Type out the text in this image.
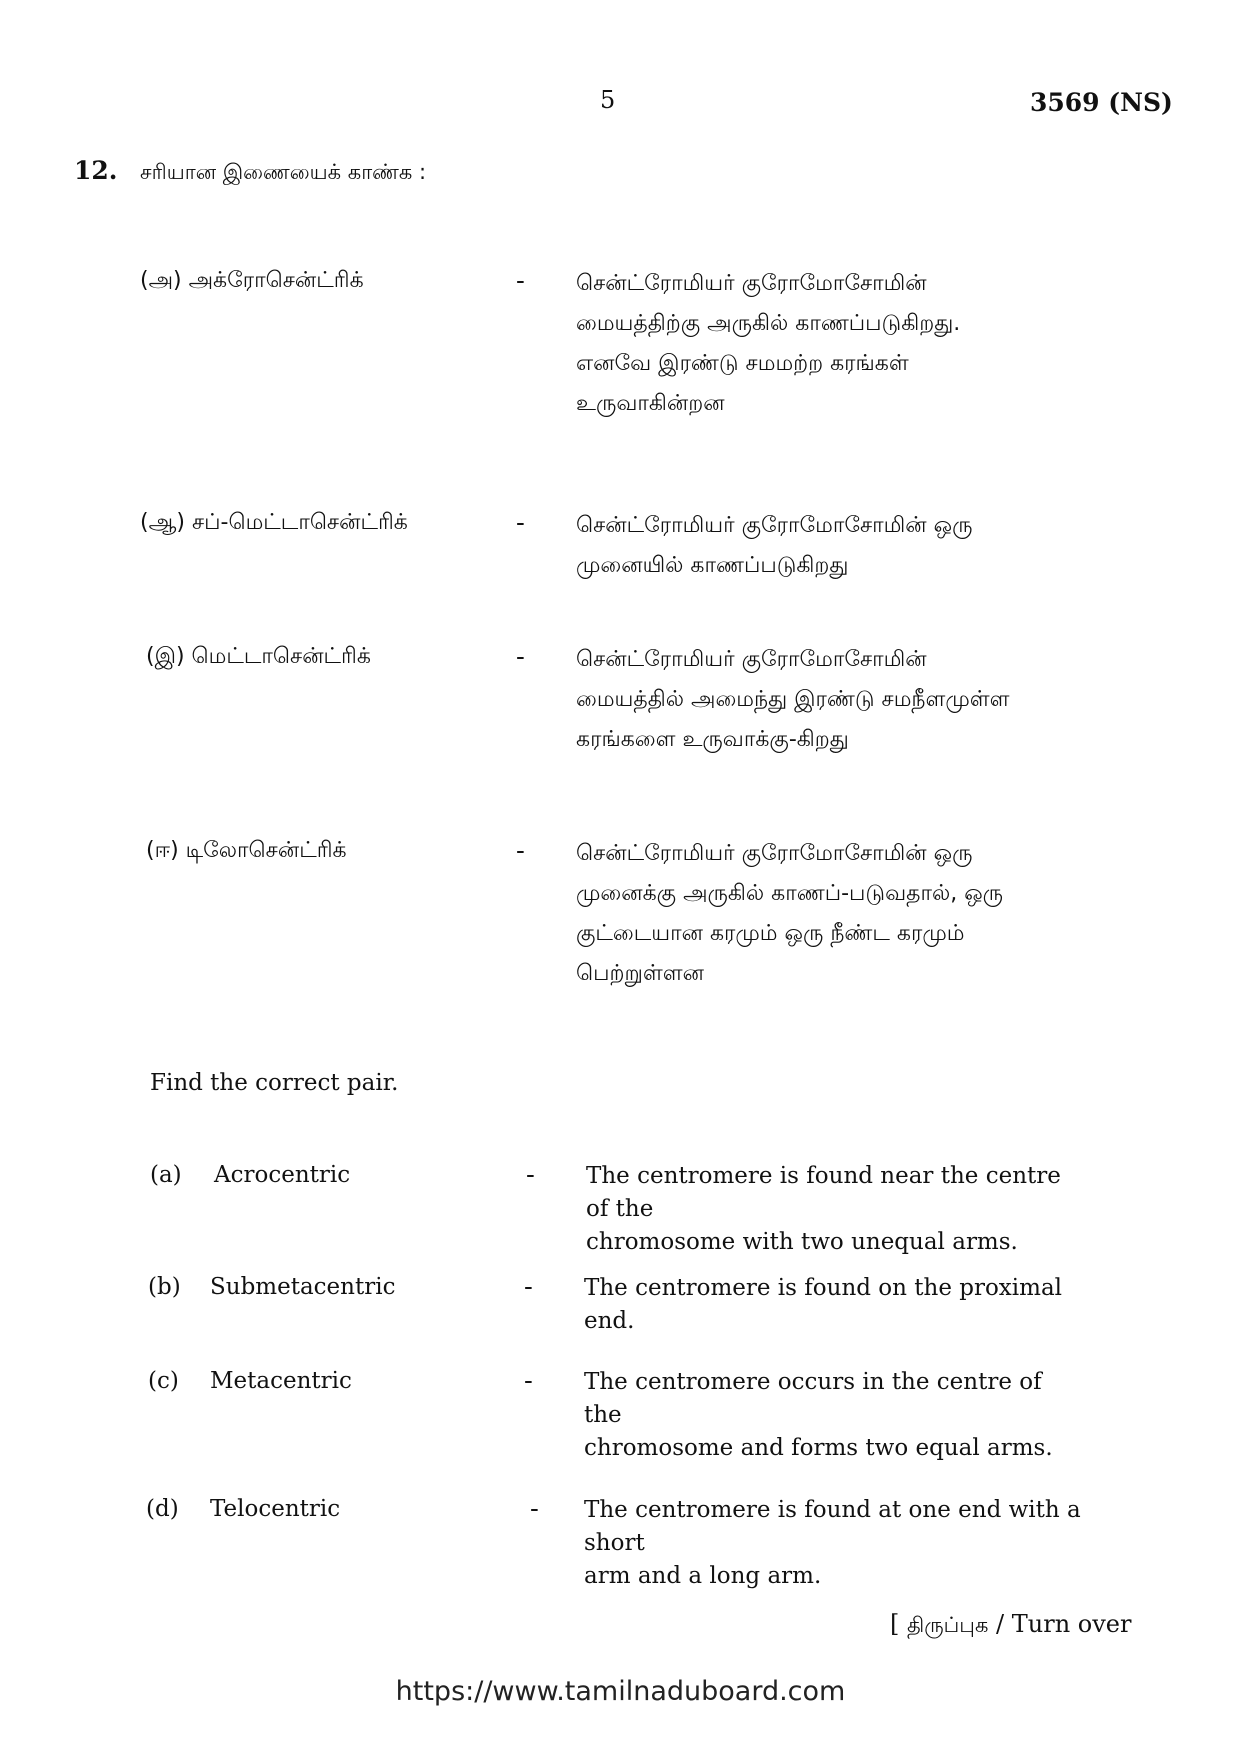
5	3569 (NS)
12. சரியான இணையைக் காண்க :
(அ) அக்ரோசென்ட்ரிக்	- சென்ட்ரோமியர் குரோமோசோமின்
மையத்திற்கு அருகில் காணப்படுகிறது.
எனவே இரண்டு சமமற்ற கரங்கள்
உருவாகின்றன
(ஆ) சப்-மெட்டாசென்ட்ரிக்	- சென்ட்ரோமியர் குரோமோசோமின் ஒரு
முனையில் காணப்படுகிறது
(இ) மெட்டாசென்ட்ரிக்	- சென்ட்ரோமியர் குரோமோசோமின்
மையத்தில் அமைந்து இரண்டு சமநீளமுள்ள
கரங்களை உருவாக்கு-கிறது
(ஈ) டிலோசென்ட்ரிக்	- சென்ட்ரோமியர் குரோமோசோமின் ஒரு
முனைக்கு அருகில் காணப்-படுவதால், ஒரு
குட்டையான கரமும் ஒரு நீண்ட கரமும்
பெற்றுள்ளன
Find the correct pair.
(a) Acrocentric	- The centromere is found near the centre of the
chromosome with two unequal arms.
(b) Submetacentric	- The centromere is found on the proximal end.
(c) Metacentric	- The centromere occurs in the centre of the
chromosome and forms two equal arms.
(d) Telocentric	- The centromere is found at one end with a short
arm and a long arm.
[ திருப்புக / Turn over
https://www.tamilnaduboard.com
